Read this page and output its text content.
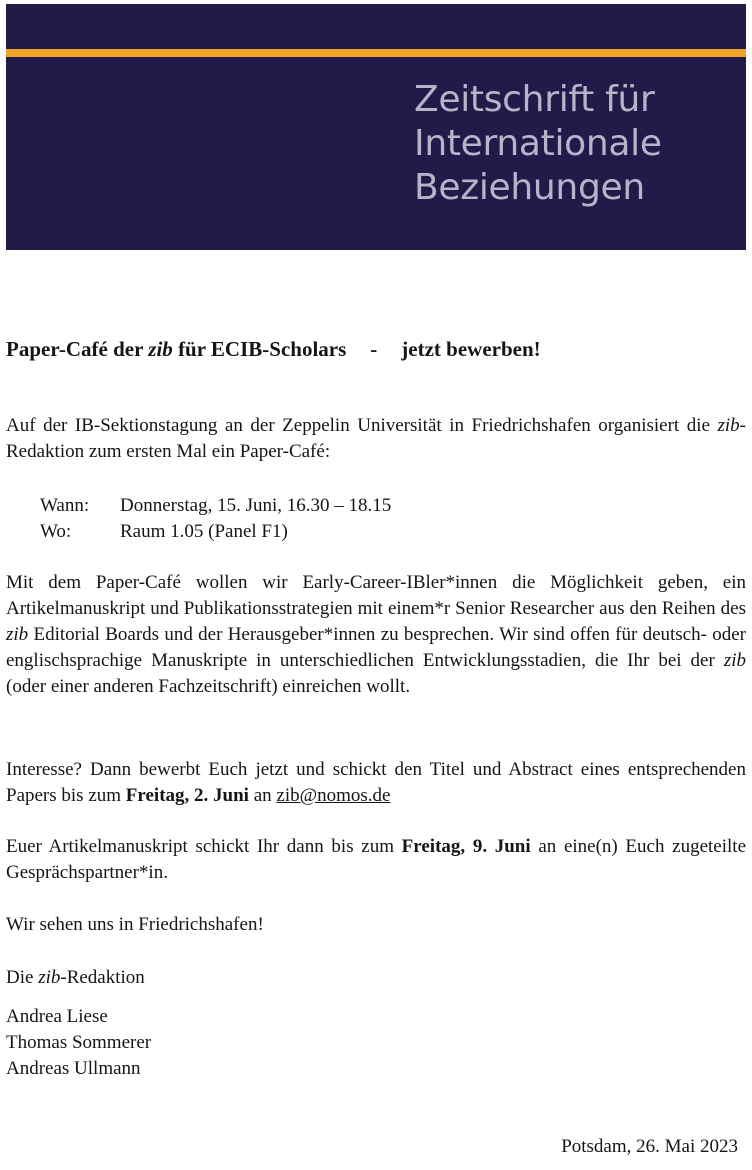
Zeitschrift für
Internationale
Beziehungen
Paper-Café der zib für ECIB-Scholars - jetzt bewerben!

Auf der IB-Sektionstagung an der Zeppelin Universität in Friedrichshafen organisiert die zib-Redaktion zum ersten Mal ein Paper-Café:

Wann:	Donnerstag, 15. Juni, 16.30 – 18.15
Wo:	Raum 1.05 (Panel F1)

Mit dem Paper-Café wollen wir Early-Career-IBler*innen die Möglichkeit geben, ein Artikelmanuskript und Publikationsstrategien mit einem*r Senior Researcher aus den Reihen des zib Editorial Boards und der Herausgeber*innen zu besprechen. Wir sind offen für deutsch- oder englischsprachige Manuskripte in unterschiedlichen Entwicklungsstadien, die Ihr bei der zib (oder einer anderen Fachzeitschrift) einreichen wollt.

Interesse? Dann bewerbt Euch jetzt und schickt den Titel und Abstract eines entsprechenden Papers bis zum Freitag, 2. Juni an zib@nomos.de

Euer Artikelmanuskript schickt Ihr dann bis zum Freitag, 9. Juni an eine(n) Euch zugeteilte Gesprächspartner*in.

Wir sehen uns in Friedrichshafen!

Die zib-Redaktion

Andrea Liese
Thomas Sommerer
Andreas Ullmann
Potsdam, 26. Mai 2023
